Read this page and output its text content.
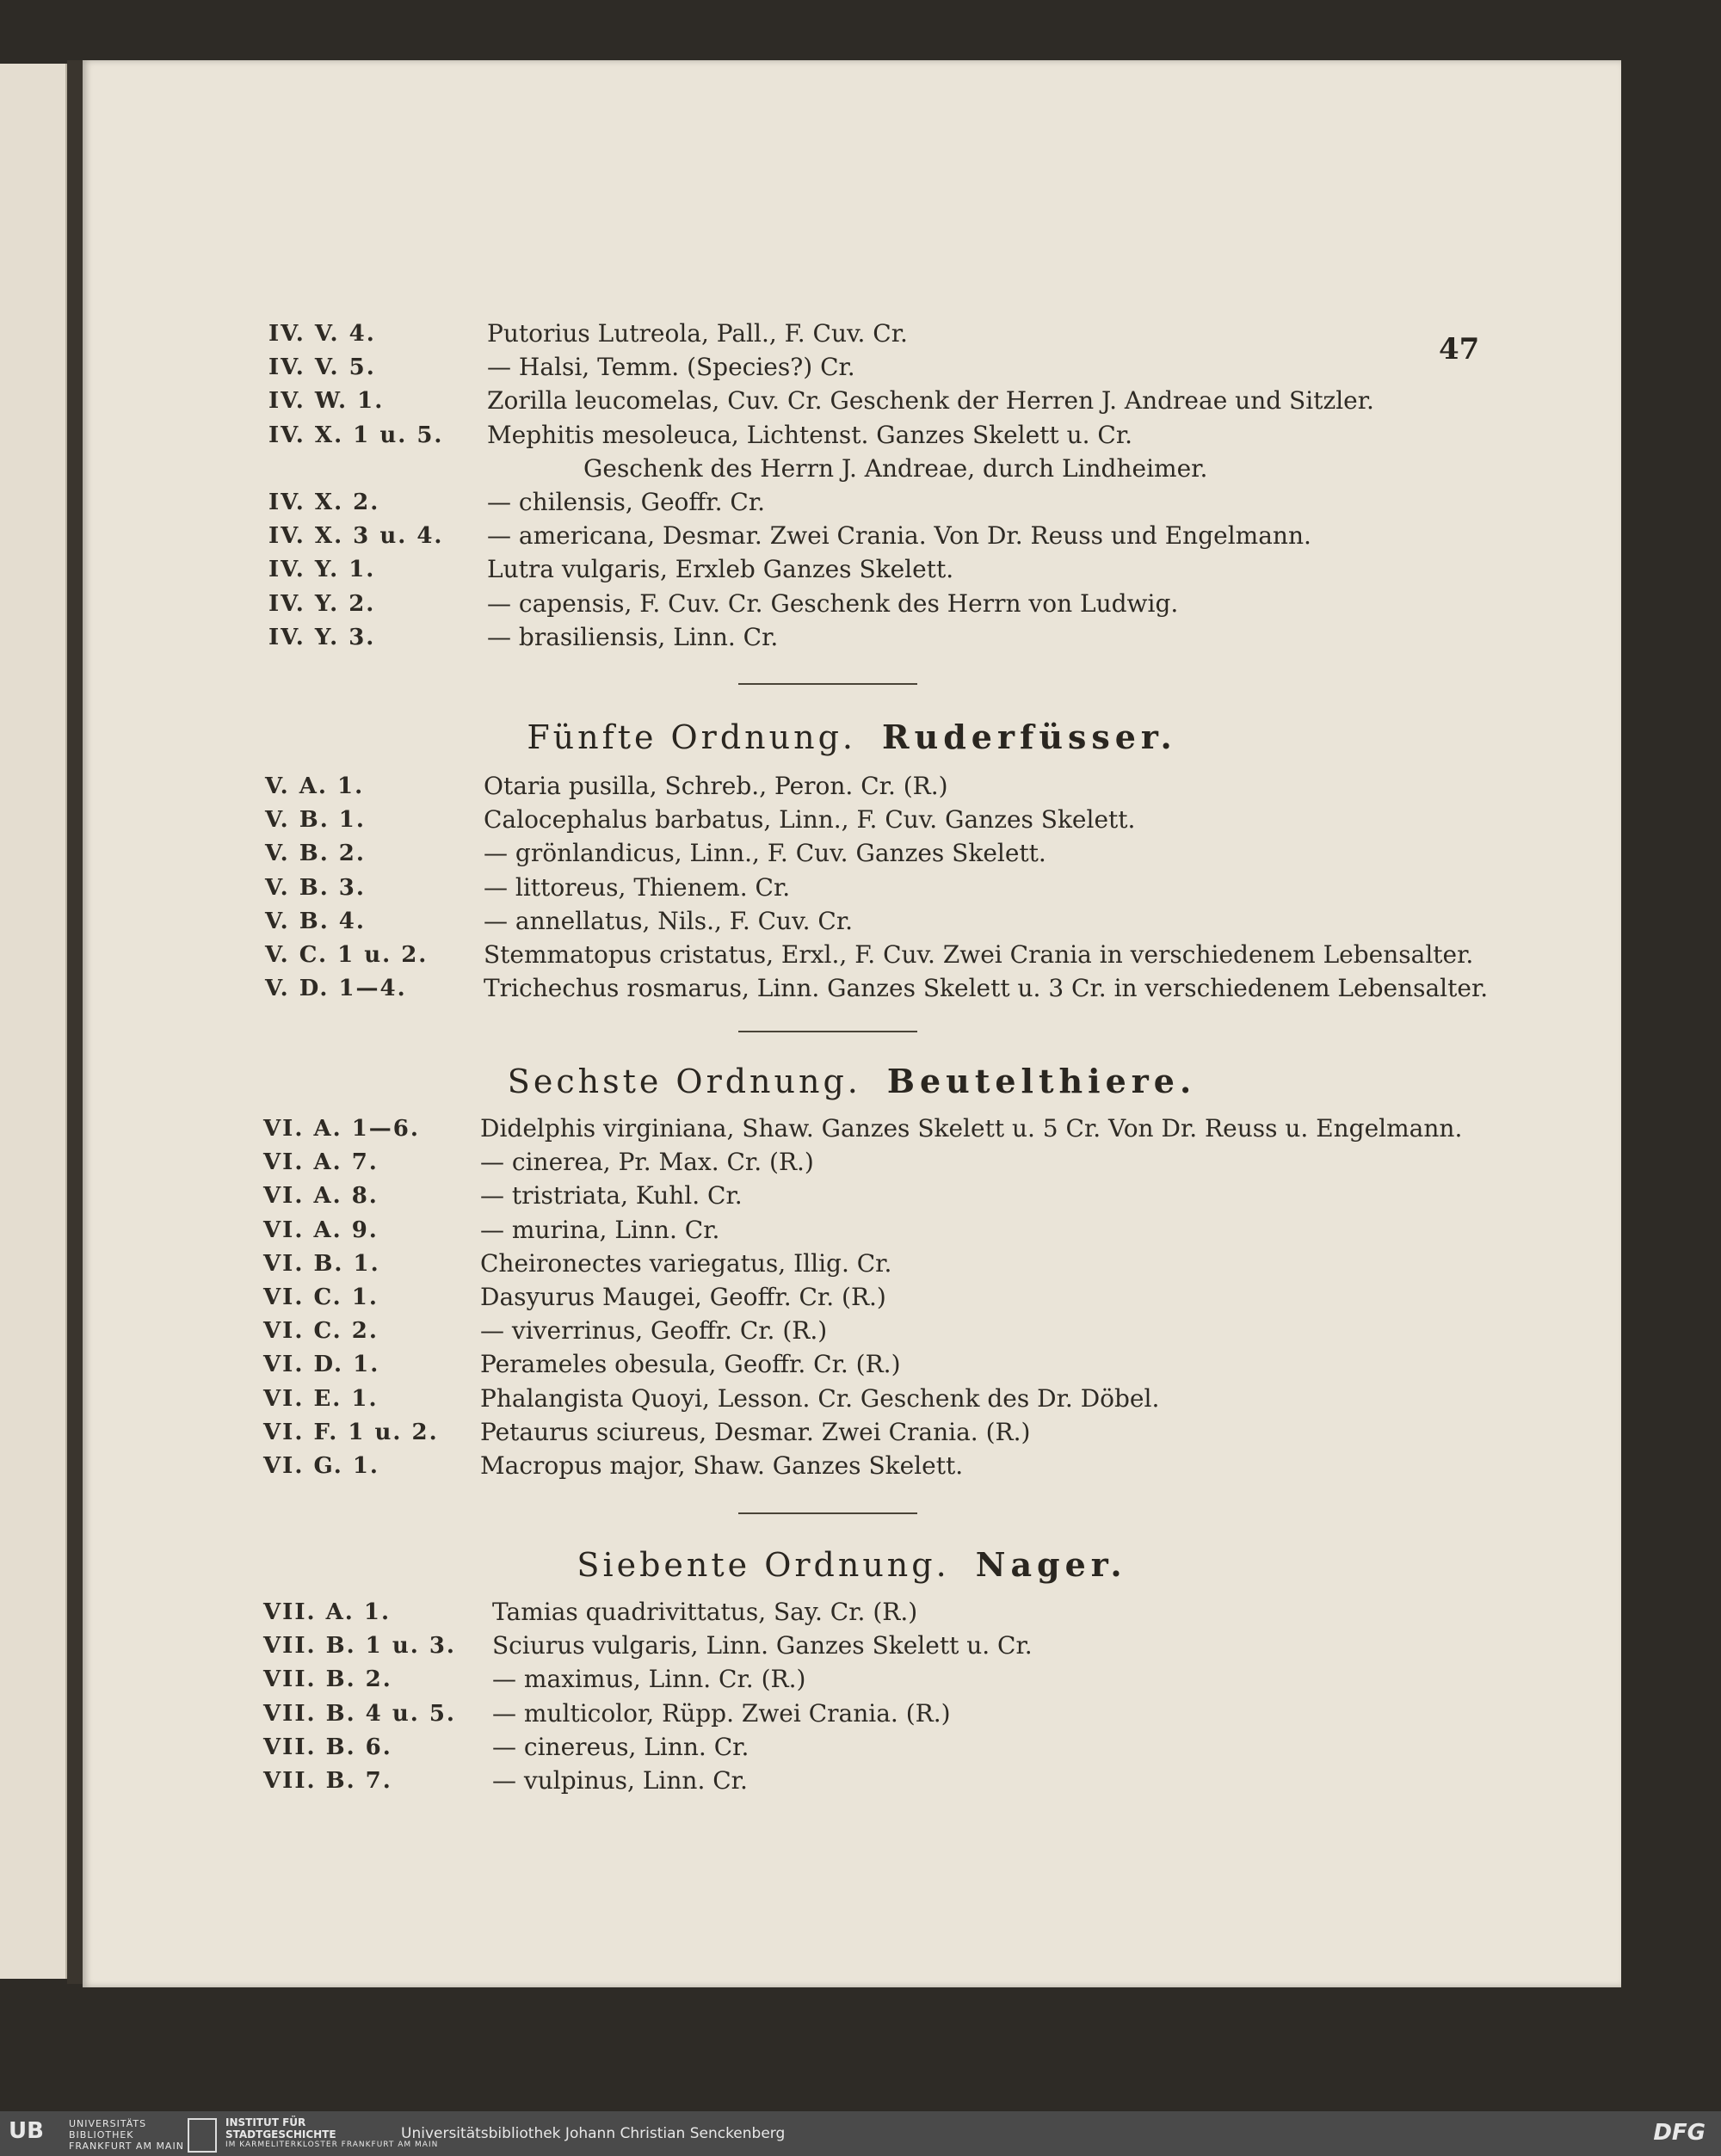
47
IV. V. 4.	Putorius Lutreola, Pall., F. Cuv. Cr.
IV. V. 5.	— Halsi, Temm. (Species?) Cr.
IV. W. 1.	Zorilla leucomelas, Cuv. Cr. Geschenk der Herren J. Andreae und Sitzler.
IV. X. 1 u. 5. Mephitis mesoleuca, Lichtenst. Ganzes Skelett u. Cr.
Geschenk des Herrn J. Andreae, durch Lindheimer.
IV. X. 2.	— chilensis, Geoffr. Cr.
IV. X. 3 u. 4. — americana, Desmar. Zwei Crania. Von Dr. Reuss und Engelmann.
IV. Y. 1.	Lutra vulgaris, Erxleb Ganzes Skelett.
IV. Y. 2.	— capensis, F. Cuv. Cr. Geschenk des Herrn von Ludwig.
IV. Y. 3.	— brasiliensis, Linn. Cr.
Fünfte Ordnung. Ruderfüsser.
V. A. 1.	Otaria pusilla, Schreb., Peron. Cr. (R.)
V. B. 1.	Calocephalus barbatus, Linn., F. Cuv. Ganzes Skelett.
V. B. 2.	— grönlandicus, Linn., F. Cuv. Ganzes Skelett.
V. B. 3.	— littoreus, Thienem. Cr.
V. B. 4.	— annellatus, Nils., F. Cuv. Cr.
V. C. 1 u. 2. Stemmatopus cristatus, Erxl., F. Cuv. Zwei Crania in verschiedenem Lebensalter.
V. D. 1—4.	Trichechus rosmarus, Linn. Ganzes Skelett u. 3 Cr. in verschiedenem Lebensalter.
Sechste Ordnung. Beutelthiere.
VI. A. 1—6.	Didelphis virginiana, Shaw. Ganzes Skelett u. 5 Cr. Von Dr. Reuss u. Engelmann.
VI. A. 7.	— cinerea, Pr. Max. Cr. (R.)
VI. A. 8.	— tristriata, Kuhl. Cr.
VI. A. 9.	— murina, Linn. Cr.
VI. B. 1.	Cheironectes variegatus, Illig. Cr.
VI. C. 1.	Dasyurus Maugei, Geoffr. Cr. (R.)
VI. C. 2.	— viverrinus, Geoffr. Cr. (R.)
VI. D. 1.	Perameles obesula, Geoffr. Cr. (R.)
VI. E. 1.	Phalangista Quoyi, Lesson. Cr. Geschenk des Dr. Döbel.
VI. F. 1 u. 2. Petaurus sciureus, Desmar. Zwei Crania. (R.)
VI. G. 1.	Macropus major, Shaw. Ganzes Skelett.
Siebente Ordnung. Nager.
VII. A. 1.	Tamias quadrivittatus, Say. Cr. (R.)
VII. B. 1 u. 3. Sciurus vulgaris, Linn. Ganzes Skelett u. Cr.
VII. B. 2.	— maximus, Linn. Cr. (R.)
VII. B. 4 u. 5. — multicolor, Rüpp. Zwei Crania. (R.)
VII. B. 6.	— cinereus, Linn. Cr.
VII. B. 7.	— vulpinus, Linn. Cr.
UB	UNIVERSITÄTS
BIBLIOTHEK
FRANKFURT AM MAIN
INSTITUT FÜR
STADTGESCHICHTE
IM KARMELITERKLOSTER FRANKFURT AM MAIN
Universitätsbibliothek Johann Christian Senckenberg	DFG
